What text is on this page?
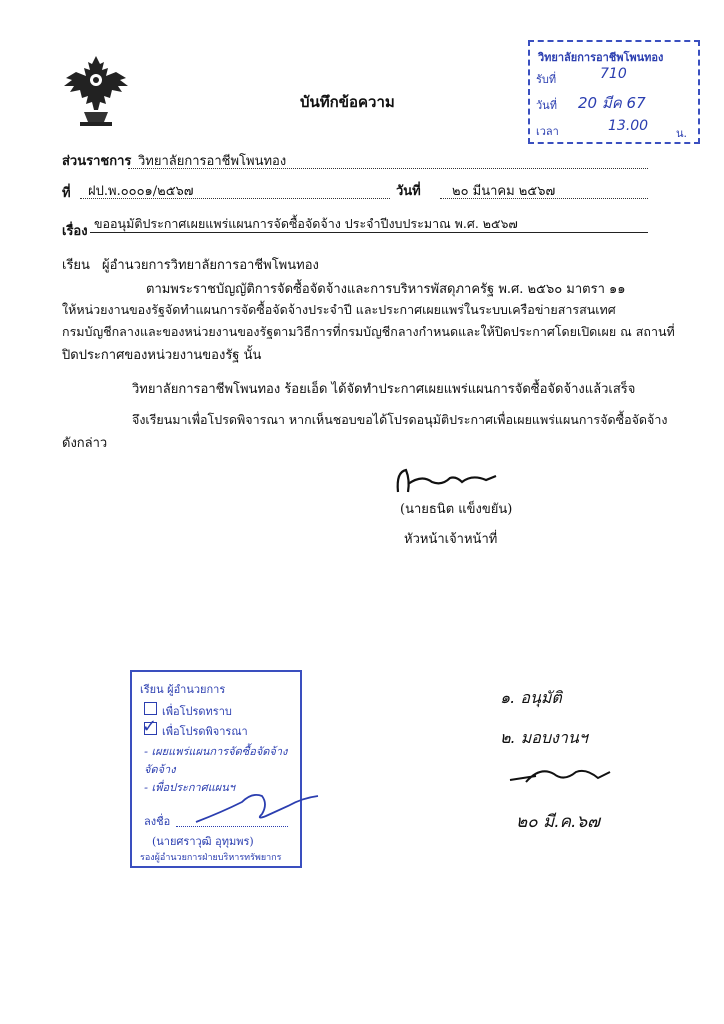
บันทึกข้อความ
วิทยาลัยการอาชีพโพนทอง
รับที่	710
วันที่ 20 มีค 67
เวลา	13.00	น.
ส่วนราชการ วิทยาลัยการอาชีพโพนทอง
ที่ ฝป.พ.๐๐๐๑/๒๕๖๗	วันที่ ๒๐ มีนาคม ๒๕๖๗
เรื่อง
ขออนุมัติประกาศเผยแพร่แผนการจัดซื้อจัดจ้าง ประจำปีงบประมาณ พ.ศ. ๒๕๖๗
เรียน ผู้อำนวยการวิทยาลัยการอาชีพโพนทอง
ตามพระราชบัญญัติการจัดซื้อจัดจ้างและการบริหารพัสดุภาครัฐ พ.ศ. ๒๕๖๐ มาตรา ๑๑
ให้หน่วยงานของรัฐจัดทำแผนการจัดซื้อจัดจ้างประจำปี และประกาศเผยแพร่ในระบบเครือข่ายสารสนเทศ
กรมบัญชีกลางและของหน่วยงานของรัฐตามวิธีการที่กรมบัญชีกลางกำหนดและให้ปิดประกาศโดยเปิดเผย ณ สถานที่
ปิดประกาศของหน่วยงานของรัฐ นั้น
วิทยาลัยการอาชีพโพนทอง ร้อยเอ็ด ได้จัดทำประกาศเผยแพร่แผนการจัดซื้อจัดจ้างแล้วเสร็จ
จึงเรียนมาเพื่อโปรดพิจารณา หากเห็นชอบขอได้โปรดอนุมัติประกาศเพื่อเผยแพร่แผนการจัดซื้อจัดจ้าง
ดังกล่าว
(นายธนิต แข็งขยัน)
หัวหน้าเจ้าหน้าที่
เรียน ผู้อำนวยการ
เพื่อโปรดทราบ
✓ เพื่อโปรดพิจารณา
- เผยแพร่แผนการจัดซื้อจัดจ้าง
จัดจ้าง
- เพื่อประกาศแผนฯ
ลงชื่อ
(นายศราวุฒิ อุทุมพร)
รองผู้อำนวยการฝ่ายบริหารทรัพยากร
๑. อนุมัติ
๒. มอบงานฯ
๒๐ มี.ค.๖๗
